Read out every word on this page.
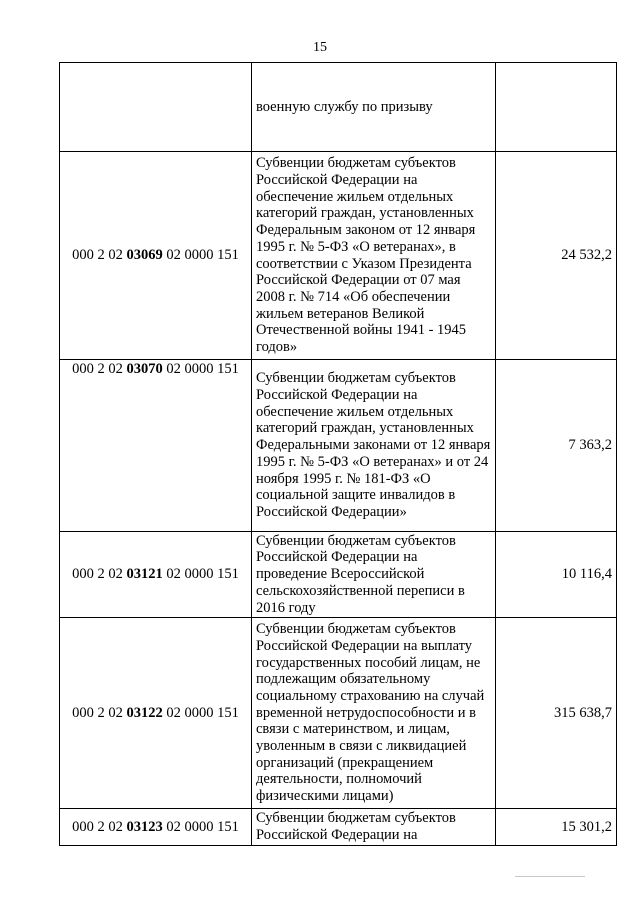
15
	военную службу по призыву	
000 2 02 03069 02 0000 151	Субвенции бюджетам субъектов Российской Федерации на обеспечение жильем отдельных категорий граждан, установленных Федеральным законом от 12 января 1995 г. № 5-ФЗ «О ветеранах», в соответствии с Указом Президента Российской Федерации от 07 мая 2008 г. № 714 «Об обеспечении жильем ветеранов Великой Отечественной войны 1941 - 1945 годов»	24 532,2
000 2 02 03070 02 0000 151	Субвенции бюджетам субъектов Российской Федерации на обеспечение жильем отдельных категорий граждан, установленных Федеральными законами от 12 января 1995 г. № 5-ФЗ «О ветеранах» и от 24 ноября 1995 г. № 181-ФЗ «О социальной защите инвалидов в Российской Федерации»	7 363,2
000 2 02 03121 02 0000 151	Субвенции бюджетам субъектов Российской Федерации на проведение Всероссийской сельскохозяйственной переписи в 2016 году	10 116,4
000 2 02 03122 02 0000 151	Субвенции бюджетам субъектов Российской Федерации на выплату государственных пособий лицам, не подлежащим обязательному социальному страхованию на случай временной нетрудоспособности и в связи с материнством, и лицам, уволенным в связи с ликвидацией организаций (прекращением деятельности, полномочий физическими лицами)	315 638,7
000 2 02 03123 02 0000 151	Субвенции бюджетам субъектов Российской Федерации на	15 301,2
